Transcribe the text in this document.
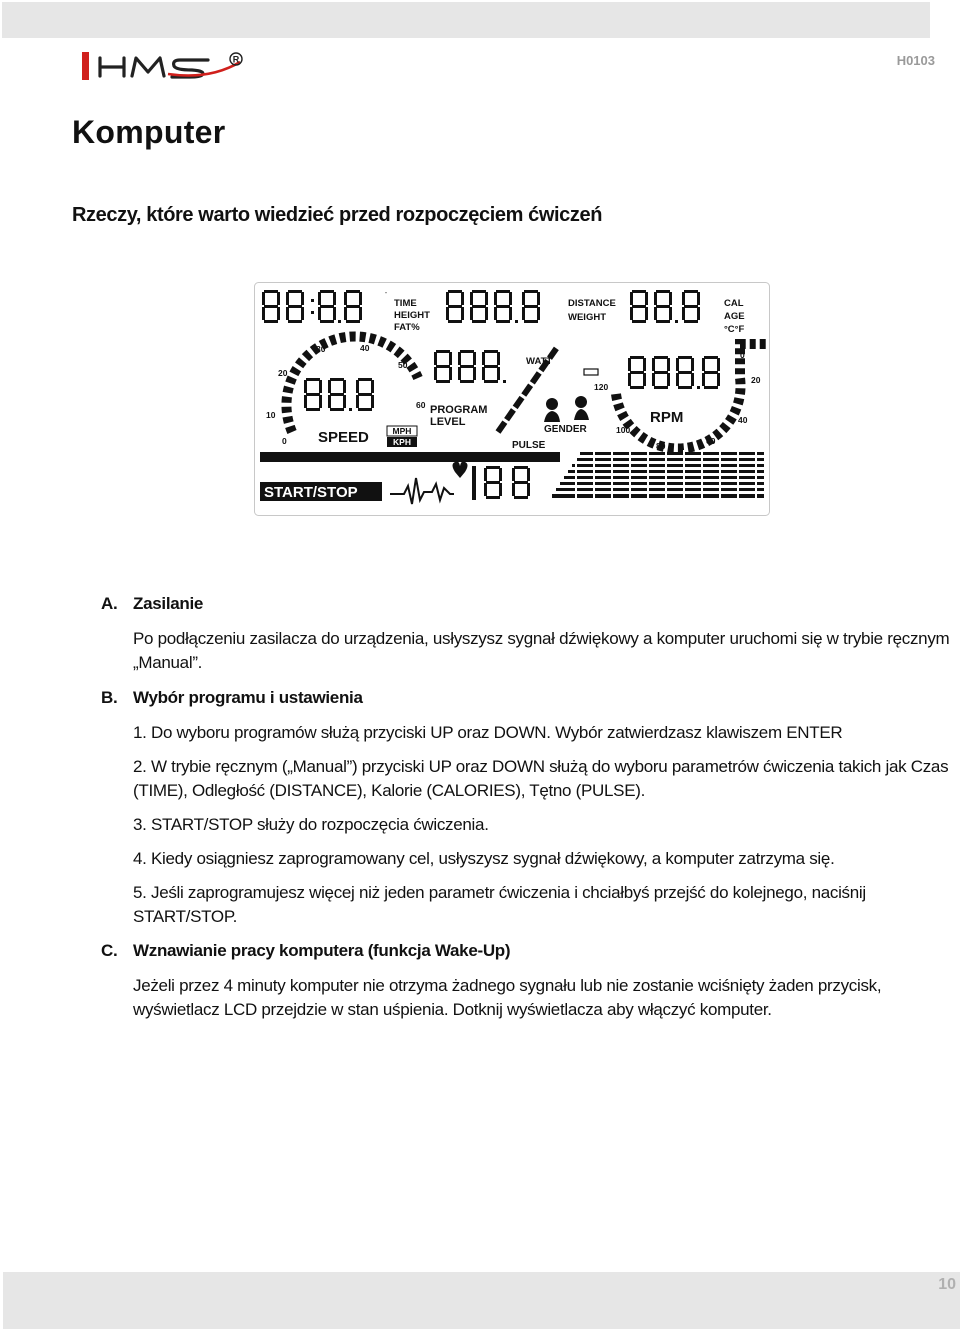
R	H0103
Komputer
Rzeczy, które warto wiedzieć przed rozpoczęciem ćwiczeń
"
TIME
HEIGHT
FAT%
DISTANCE
WEIGHT
CAL
AGE
°C°F
0
10
20
30	40
50
60
SPEED	MPH
KPH
WATT
PROGRAM
LEVEL
PULSE
GENDER
0
20
40
60
80
100
120
RPM
START/STOP
A. Zasilanie

Po podłączeniu zasilacza do urządzenia, usłyszysz sygnał dźwiękowy a komputer uruchomi się w trybie ręcznym „Manual”.

B. Wybór programu i ustawienia

1. Do wyboru programów służą przyciski UP oraz DOWN. Wybór zatwierdzasz klawiszem ENTER

2. W trybie ręcznym („Manual”) przyciski UP oraz DOWN służą do wyboru parametrów ćwiczenia takich jak Czas (TIME), Odległość (DISTANCE), Kalorie (CALORIES), Tętno (PULSE).

3. START/STOP służy do rozpoczęcia ćwiczenia.

4. Kiedy osiągniesz zaprogramowany cel, usłyszysz sygnał dźwiękowy, a komputer zatrzyma się.

5. Jeśli zaprogramujesz więcej niż jeden parametr ćwiczenia i chciałbyś przejść do kolejnego, naciśnij START/STOP.

C. Wznawianie pracy komputera (funkcja Wake-Up)

Jeżeli przez 4 minuty komputer nie otrzyma żadnego sygnału lub nie zostanie wciśnięty żaden przycisk, wyświetlacz LCD przejdzie w stan uśpienia. Dotknij wyświetlacza aby włączyć komputer.

10
